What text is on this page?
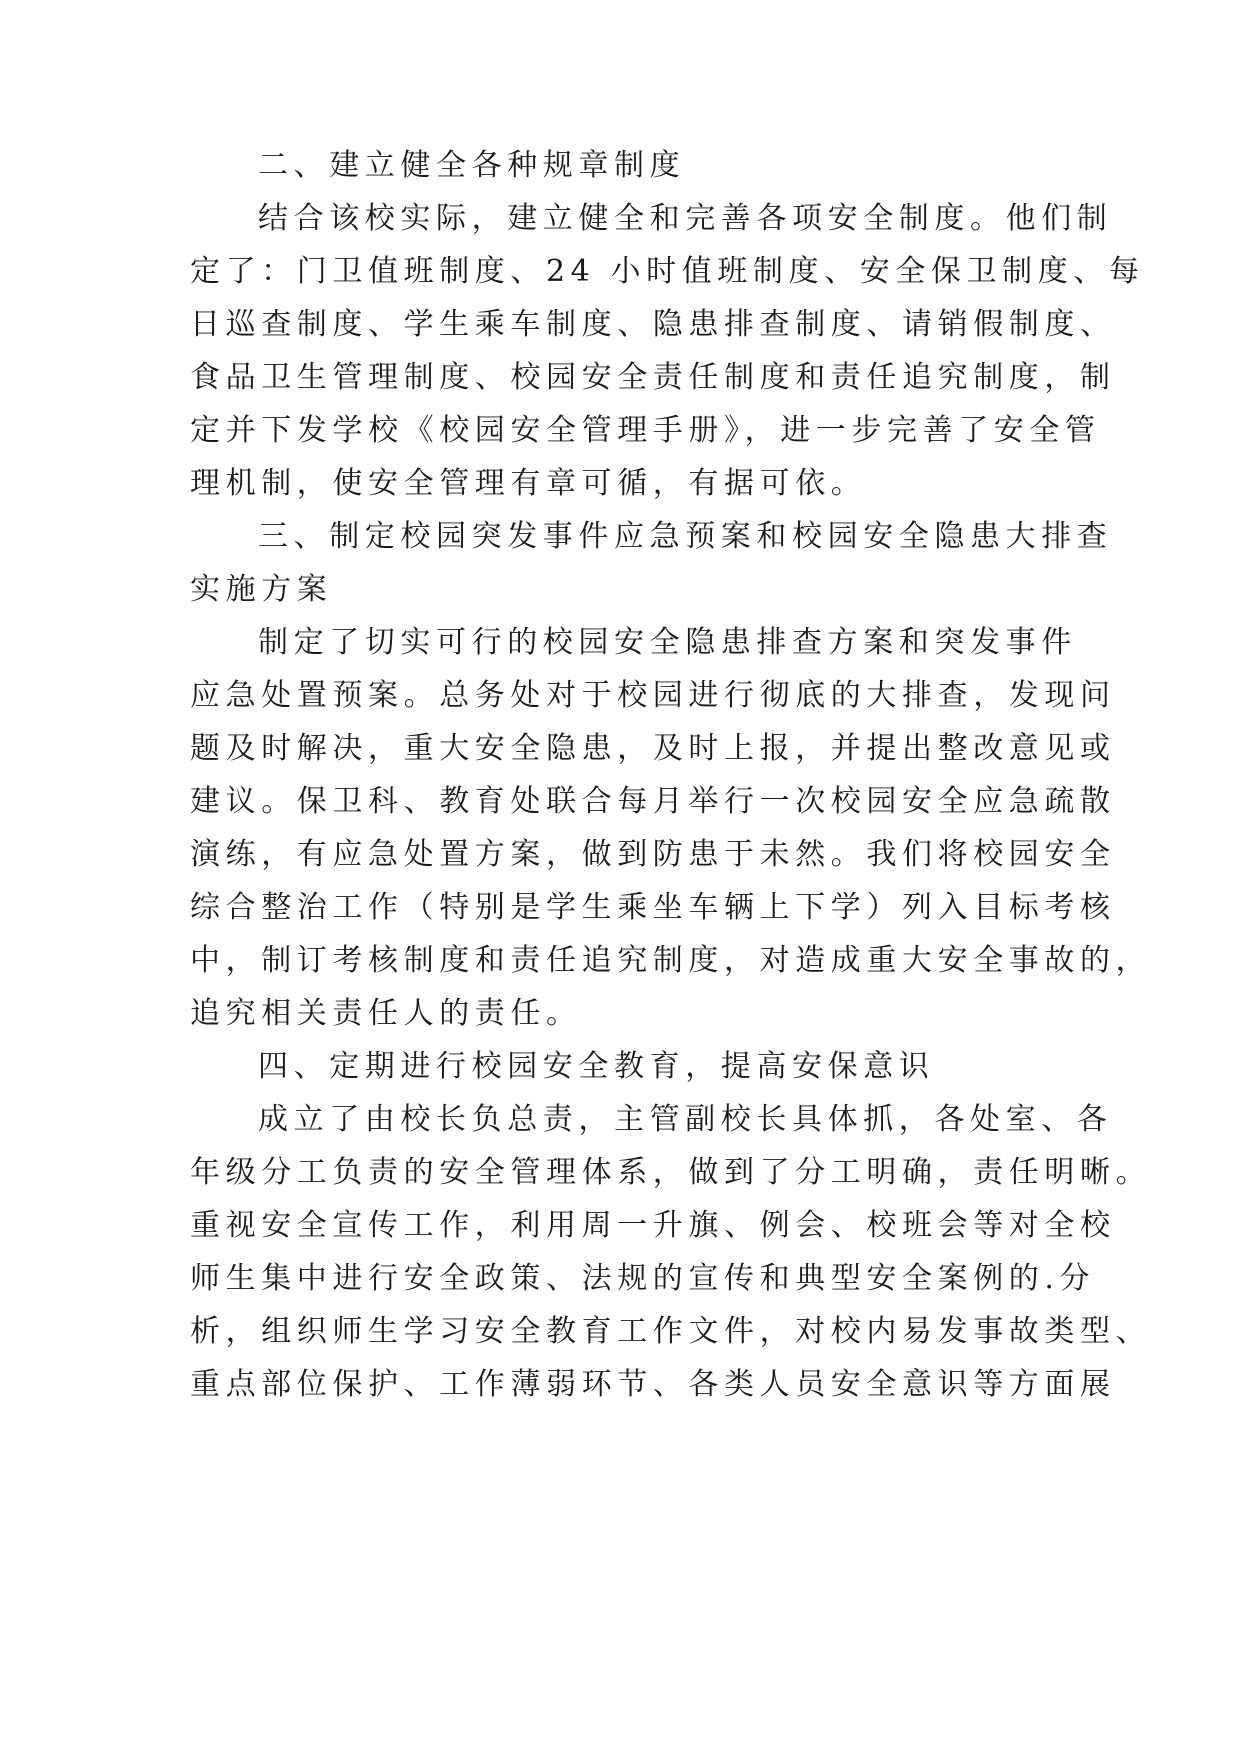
二、建立健全各种规章制度
结合该校实际，建立健全和完善各项安全制度。他们制
定了：门卫值班制度、24 小时值班制度、安全保卫制度、每
日巡查制度、学生乘车制度、隐患排查制度、请销假制度、
食品卫生管理制度、校园安全责任制度和责任追究制度，制
定并下发学校《校园安全管理手册》，进一步完善了安全管
理机制，使安全管理有章可循，有据可依。
三、制定校园突发事件应急预案和校园安全隐患大排查
实施方案
制定了切实可行的校园安全隐患排查方案和突发事件
应急处置预案。总务处对于校园进行彻底的大排查，发现问
题及时解决，重大安全隐患，及时上报，并提出整改意见或
建议。保卫科、教育处联合每月举行一次校园安全应急疏散
演练，有应急处置方案，做到防患于未然。我们将校园安全
综合整治工作（特别是学生乘坐车辆上下学）列入目标考核
中，制订考核制度和责任追究制度，对造成重大安全事故的，
追究相关责任人的责任。
四、定期进行校园安全教育，提高安保意识
成立了由校长负总责，主管副校长具体抓，各处室、各
年级分工负责的安全管理体系，做到了分工明确，责任明晰。
重视安全宣传工作，利用周一升旗、例会、校班会等对全校
师生集中进行安全政策、法规的宣传和典型安全案例的.分
析，组织师生学习安全教育工作文件，对校内易发事故类型、
重点部位保护、工作薄弱环节、各类人员安全意识等方面展
